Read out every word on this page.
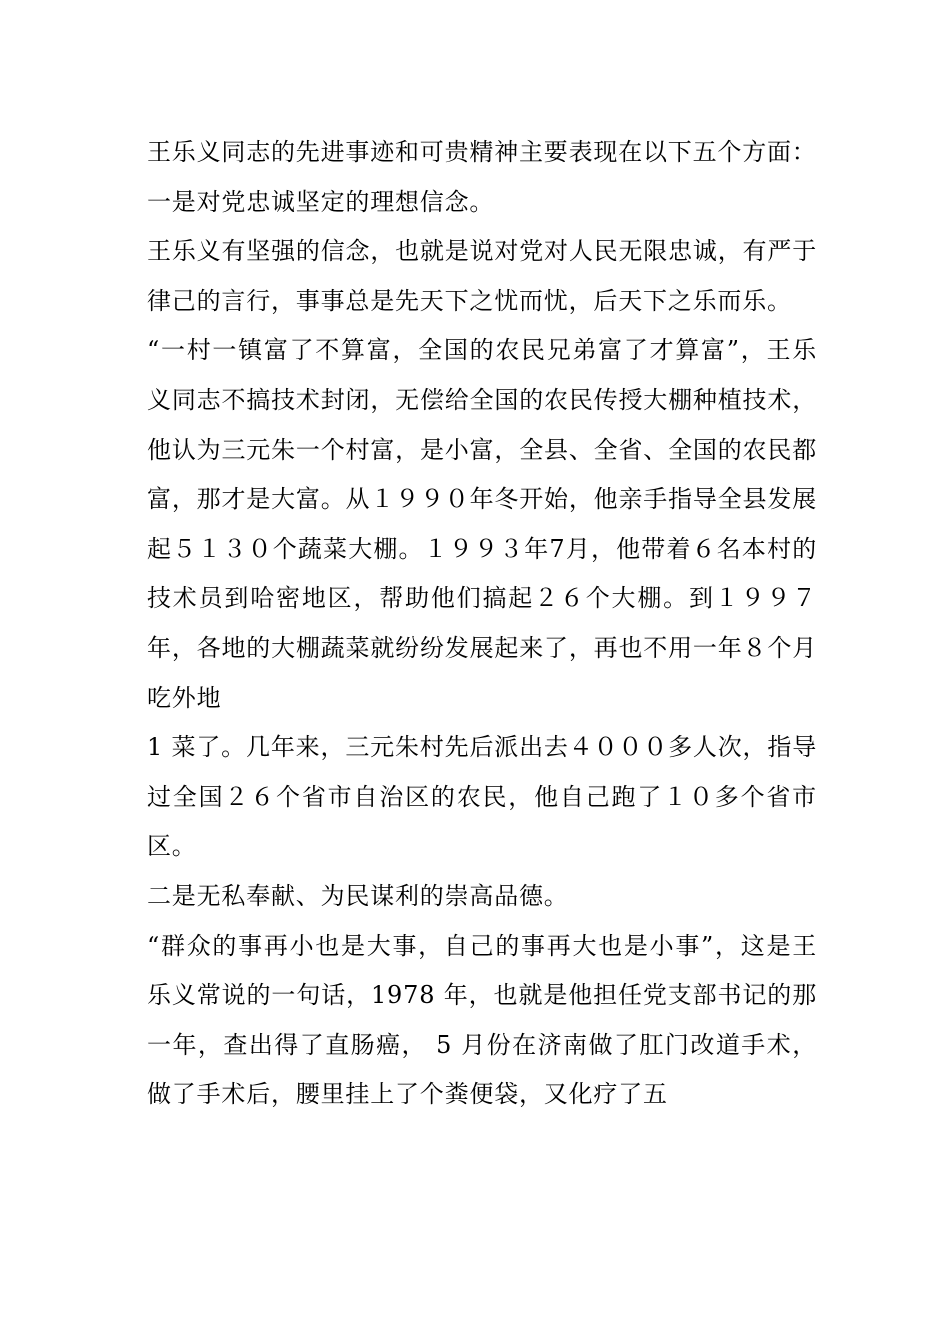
王乐义同志的先进事迹和可贵精神主要表现在以下五个方面：

一是对党忠诚坚定的理想信念。

王乐义有坚强的信念，也就是说对党对人民无限忠诚，有严于律己的言行，事事总是先天下之忧而忧，后天下之乐而乐。

“一村一镇富了不算富，全国的农民兄弟富了才算富”，王乐义同志不搞技术封闭，无偿给全国的农民传授大棚种植技术，他认为三元朱一个村富，是小富，全县、全省、全国的农民都富，那才是大富。从１９９０年冬开始，他亲手指导全县发展起５１３０个蔬菜大棚。１９９３年7月，他带着６名本村的技术员到哈密地区，帮助他们搞起２６个大棚。到１９９７年，各地的大棚蔬菜就纷纷发展起来了，再也不用一年８个月吃外地

1 菜了。几年来，三元朱村先后派出去４０００多人次，指导过全国２６个省市自治区的农民，他自己跑了１０多个省市区。

二是无私奉献、为民谋利的崇高品德。

“群众的事再小也是大事，自己的事再大也是小事”，这是王乐义常说的一句话，1978 年，也就是他担任党支部书记的那一年，查出得了直肠癌， 5 月份在济南做了肛门改道手术，做了手术后，腰里挂上了个粪便袋，又化疗了五
